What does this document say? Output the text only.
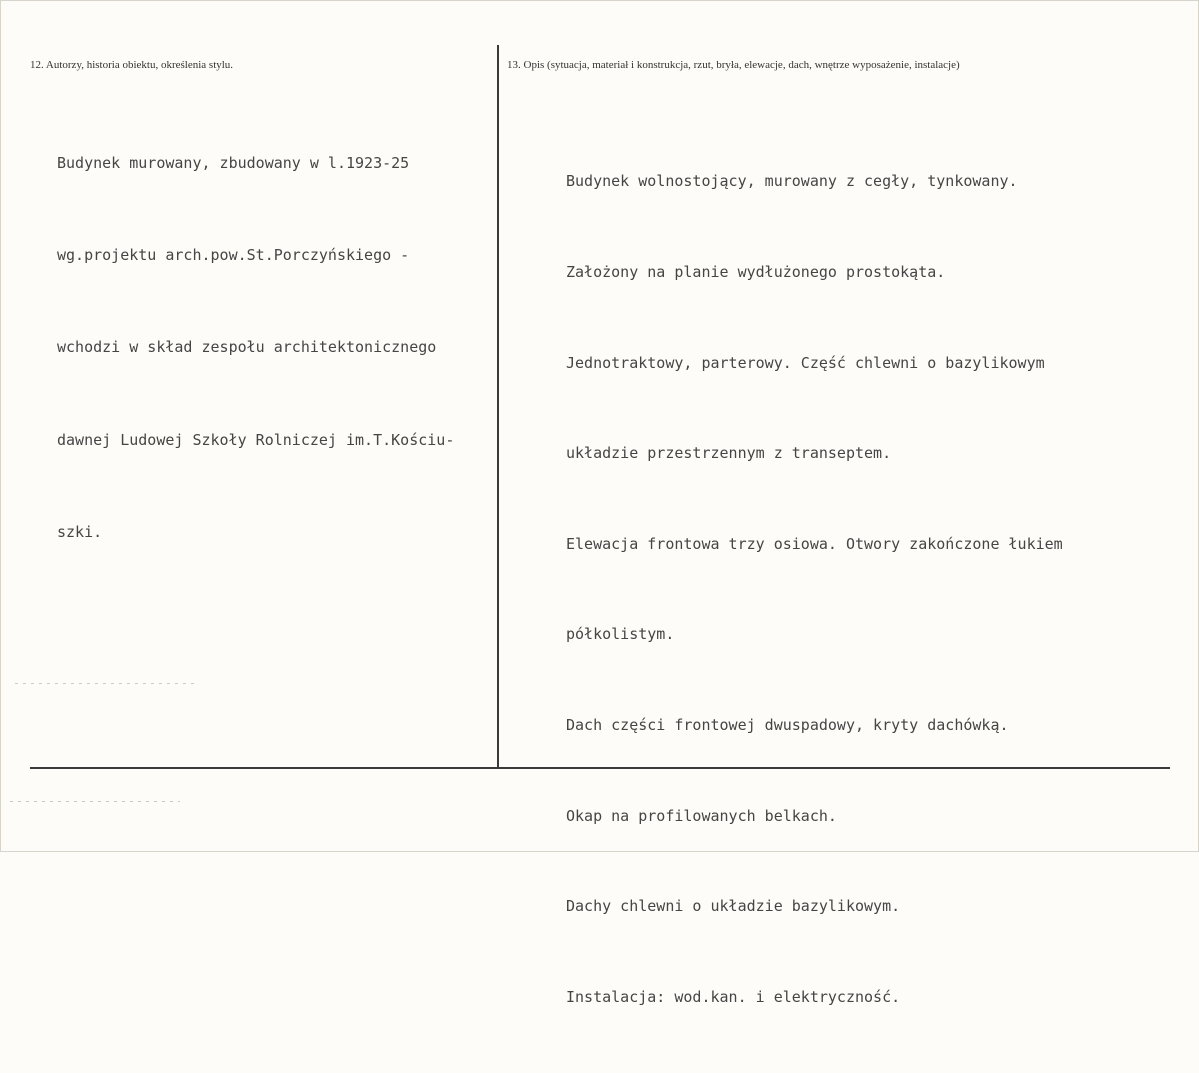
12. Autorzy, historia obiektu, określenia stylu.	13. Opis (sytuacja, materiał i konstrukcja, rzut, bryła, elewacje, dach, wnętrze wyposażenie, instalacje)

Budynek murowany, zbudowany w l.1923-25

wg.projektu arch.pow.St.Porczyńskiego -

wchodzi w skład zespołu architektonicznego

dawnej Ludowej Szkoły Rolniczej im.T.Kościu-

szki.

Budynek wolnostojący, murowany z cegły, tynkowany.

Założony na planie wydłużonego prostokąta.

Jednotraktowy, parterowy. Część chlewni o bazylikowym

układzie przestrzennym z transeptem.

Elewacja frontowa trzy osiowa. Otwory zakończone łukiem

półkolistym.

Dach części frontowej dwuspadowy, kryty dachówką.

Okap na profilowanych belkach.

Dachy chlewni o układzie bazylikowym.

Instalacja: wod.kan. i elektryczność.
